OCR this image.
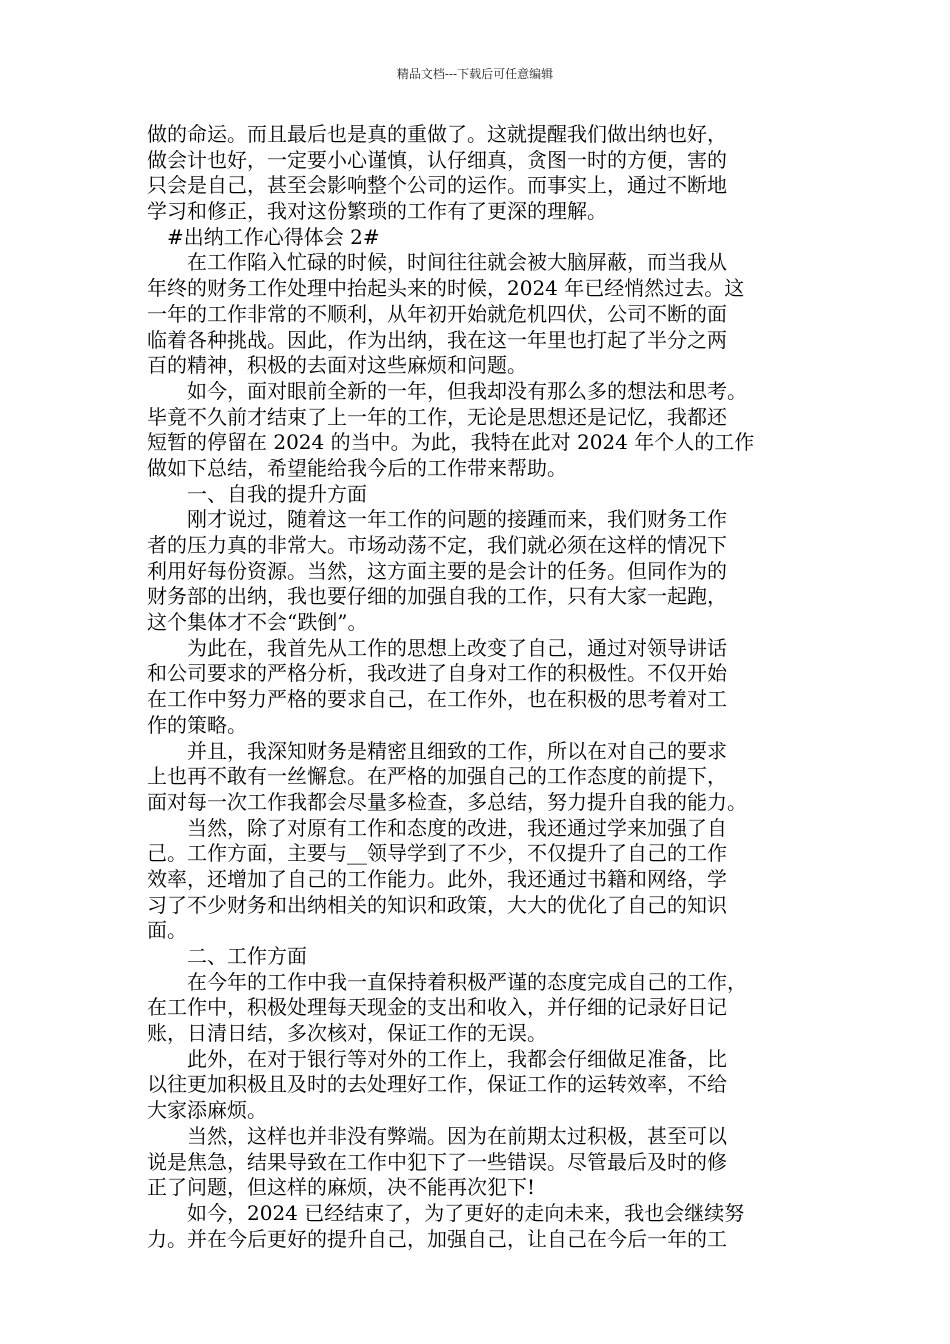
精品文档---下载后可任意编辑
做的命运。而且最后也是真的重做了。这就提醒我们做出纳也好，
做会计也好，一定要小心谨慎，认仔细真，贪图一时的方便，害的
只会是自己，甚至会影响整个公司的运作。而事实上，通过不断地
学习和修正，我对这份繁琐的工作有了更深的理解。
　#出纳工作心得体会 2#
　　在工作陷入忙碌的时候，时间往往就会被大脑屏蔽，而当我从
年终的财务工作处理中抬起头来的时候，2024 年已经悄然过去。这
一年的工作非常的不顺利，从年初开始就危机四伏，公司不断的面
临着各种挑战。因此，作为出纳，我在这一年里也打起了半分之两
百的精神，积极的去面对这些麻烦和问题。
　　如今，面对眼前全新的一年，但我却没有那么多的想法和思考。
毕竟不久前才结束了上一年的工作，无论是思想还是记忆，我都还
短暂的停留在 2024 的当中。为此，我特在此对 2024 年个人的工作
做如下总结，希望能给我今后的工作带来帮助。
　　一、自我的提升方面
　　刚才说过，随着这一年工作的问题的接踵而来，我们财务工作
者的压力真的非常大。市场动荡不定，我们就必须在这样的情况下
利用好每份资源。当然，这方面主要的是会计的任务。但同作为的
财务部的出纳，我也要仔细的加强自我的工作，只有大家一起跑，
这个集体才不会“跌倒”。
　　为此在，我首先从工作的思想上改变了自己，通过对领导讲话
和公司要求的严格分析，我改进了自身对工作的积极性。不仅开始
在工作中努力严格的要求自己，在工作外，也在积极的思考着对工
作的策略。
　　并且，我深知财务是精密且细致的工作，所以在对自己的要求
上也再不敢有一丝懈怠。在严格的加强自己的工作态度的前提下，
面对每一次工作我都会尽量多检查，多总结，努力提升自我的能力。
　　当然，除了对原有工作和态度的改进，我还通过学来加强了自
己。工作方面，主要与__领导学到了不少，不仅提升了自己的工作
效率，还增加了自己的工作能力。此外，我还通过书籍和网络，学
习了不少财务和出纳相关的知识和政策，大大的优化了自己的知识
面。
　　二、工作方面
　　在今年的工作中我一直保持着积极严谨的态度完成自己的工作，
在工作中，积极处理每天现金的支出和收入，并仔细的记录好日记
账，日清日结，多次核对，保证工作的无误。
　　此外，在对于银行等对外的工作上，我都会仔细做足准备，比
以往更加积极且及时的去处理好工作，保证工作的运转效率，不给
大家添麻烦。
　　当然，这样也并非没有弊端。因为在前期太过积极，甚至可以
说是焦急，结果导致在工作中犯下了一些错误。尽管最后及时的修
正了问题，但这样的麻烦，决不能再次犯下!
　　如今，2024 已经结束了，为了更好的走向未来，我也会继续努
力。并在今后更好的提升自己，加强自己，让自己在今后一年的工
